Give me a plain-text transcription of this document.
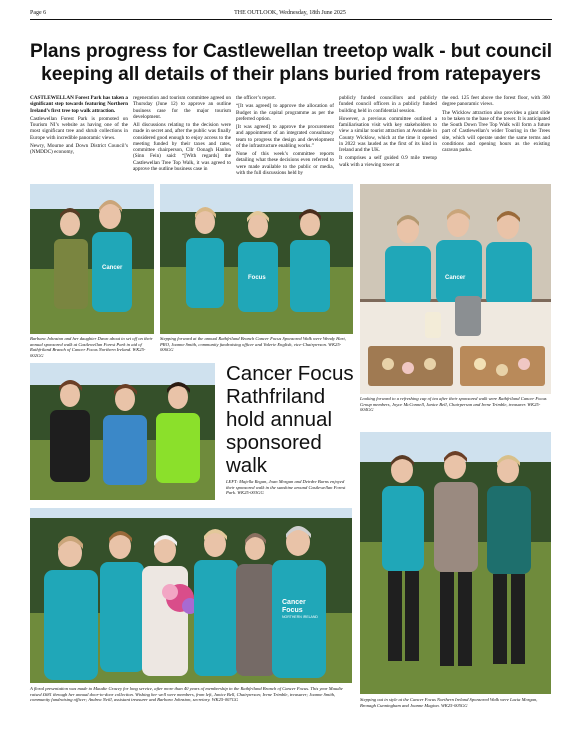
Page 6	THE OUTLOOK, Wednesday, 18th June 2025
Plans progress for Castlewellan treetop walk - but council
keeping all details of their plans buried from ratepayers

CASTLEWELLAN Forest Park has taken a significant step towards featuring Northern Ireland’s first tree top walk attraction.

Castlewellan Forest Park is promoted on Tourism NI’s website as having one of the most significant tree and shrub collections in Europe with incredible panoramic views.

Newry, Mourne and Down District Council’s (NMDDC) economy,

regeneration and tourism committee agreed on Thursday (June 12) to approve an outline business case for the major tourism development.

All discussions relating to the decision were made in secret and, after the public was finally considered good enough to enjoy access to the meeting funded by their taxes and rates, committee chairperson, Cllr Oonagh Hanlon (Sinn Fein) said: “[With regards] the Castlewellan Tree Top Walk, it was agreed to approve the outline business case in

the officer’s report.

“[It was agreed] to approve the allocation of Budget in the capital programme as per the preferred option.

[It was agreed] to approve the procurement and appointment of an integrated consultancy team to progress the design and development of the infrastructure enabling works.”

None of this week’s committee reports detailing what these decisions even referred to were made available to the public or media, with the full discussions held by

publicly funded councillors and publicly funded council officers in a publicly funded building held in confidential session.

However, a previous committee outlined a familiarisation visit with key stakeholders to view a similar tourist attraction at Avondale in County Wicklow, which at the time it opened in 2022 was lauded as the first of its kind in Ireland and the UK.

It comprises a self guided 0.9 mile treetop walk with a viewing tower at

the end. 125 feet above the forest floor, with 360 degree panoramic views.

The Wicklow attraction also provides a giant slide to be taken to the base of the tower. It is anticipated the South Down Tree Top Walk will form a future part of Castlewellan’s wider Touring in the Trees site, which will operate under the same terms and conditions and opening hours as the existing caravan parks.

Cancer
Focus	Cancer
Barbara Johnston and her daughter Dawn about to set off on their annual sponsored walk at Castlewellan Forest Park in aid of Rathfriland Branch of Cancer Focus Northern Ireland. WK25-002GG
Stepping forward at the annual Rathfriland Branch Cancer Focus Sponsored Walk were Wendy Hart, PRO, Joanne Smith, community fundraising officer and Valerie English, vice-Chairperson. WK25-006GG
Looking forward to a refreshing cup of tea after their sponsored walk were Rathfriland Cancer Focus Group members, Joyce McConnell, Janice Bell, Chairperson and Irene Trimble, treasurer. WK25-004GG
Cancer Focus
Rathfriland
hold annual
sponsored
walk
LEFT: Majella Regan, Joan Morgan and Deirdre Burns enjoyed their sponsored walk in the sunshine around Castlewellan Forest Park. WK25-003GG
Cancer
Focus
NORTHERN IRELAND
A floral presentation was made to Maudie Gracey for long service, after more than 40 years of membership in the Rathfriland Branch of Cancer Focus. This year Maudie raised £681 through her annual door-to-door collection. Wishing her well were members, from left, Janice Bell, Chairperson; Irene Trimble, treasurer; Joanne Smith, community fundraising officer; Andrea Neill, assistant treasurer and Barbara Johnston, secretary. WK25-007GG	Stepping out in style at the Cancer Focus Northern Ireland Sponsored Walk were Lucia Morgan, Bronagh Cunningham and Joanne Magion. WK25-005GG
